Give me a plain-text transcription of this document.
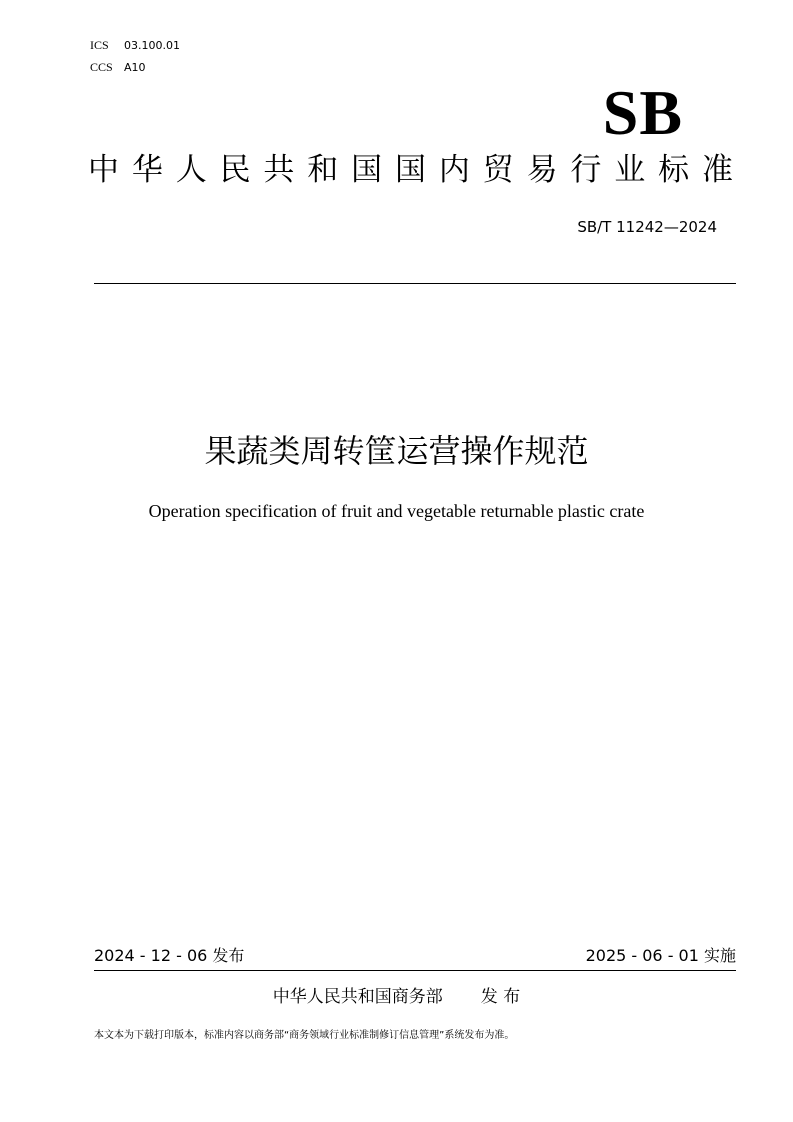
ICS 03.100.01
CCS A10
SB
中华人民共和国国内贸易行业标准
SB/T 11242—2024
果蔬类周转筐运营操作规范
Operation specification of fruit and vegetable returnable plastic crate
2024 - 12 - 06 发布	2025 - 06 - 01 实施
中华人民共和国商务部 发 布
本文本为下载打印版本，标准内容以商务部“商务领域行业标准制修订信息管理”系统发布为准。
